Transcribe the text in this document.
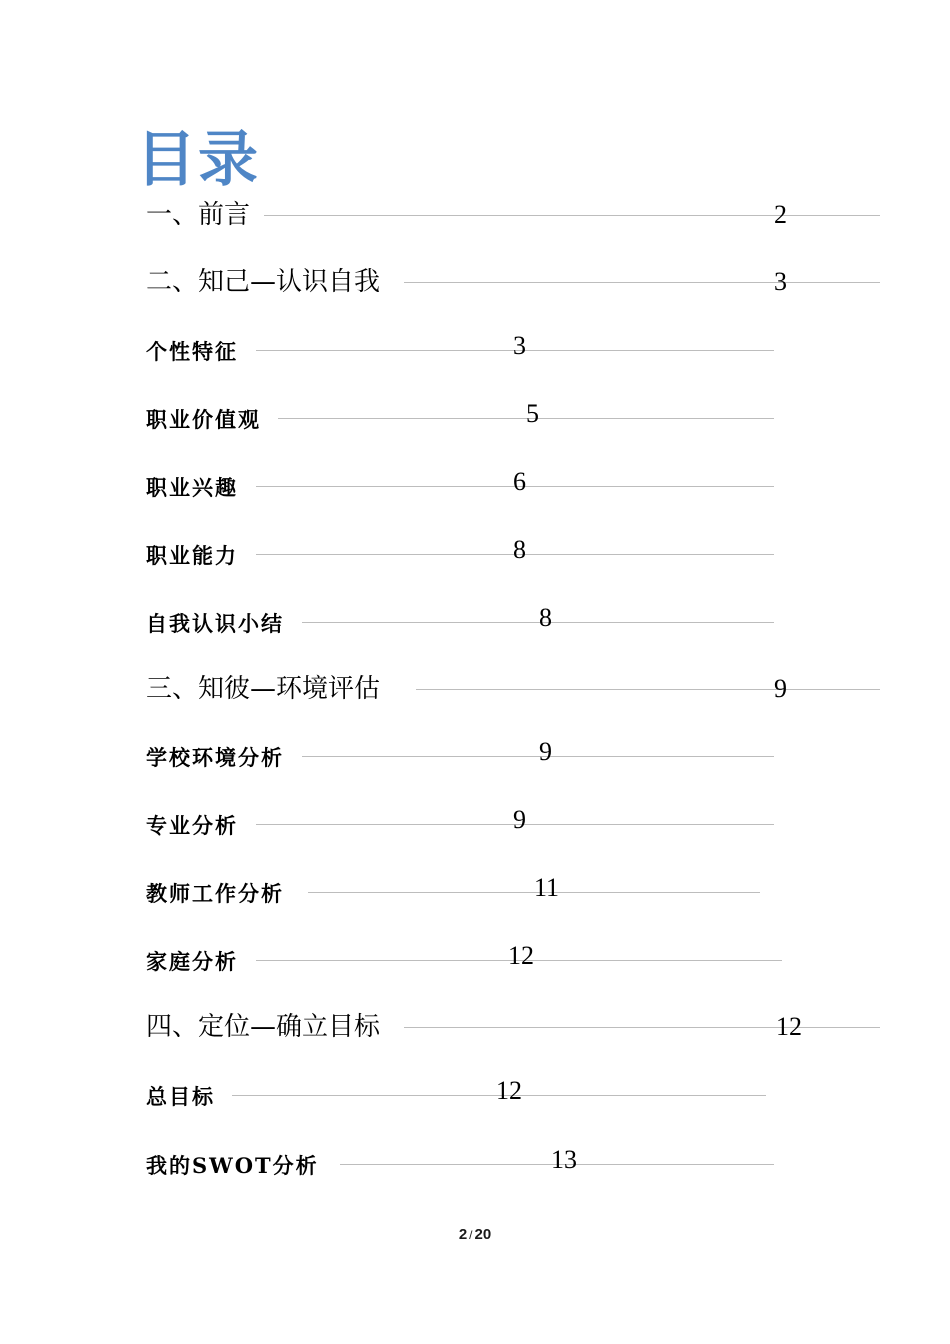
目录
一、前言	2
二、知己—认识自我	3
个性特征	3
职业价值观	5
职业兴趣	6
职业能力	8
自我认识小结	8
三、知彼—环境评估	9
学校环境分析	9
专业分析	9
教师工作分析	11
家庭分析	12
四、定位—确立目标	12
总目标	12
我的SWOT分析	13
2 / 20
